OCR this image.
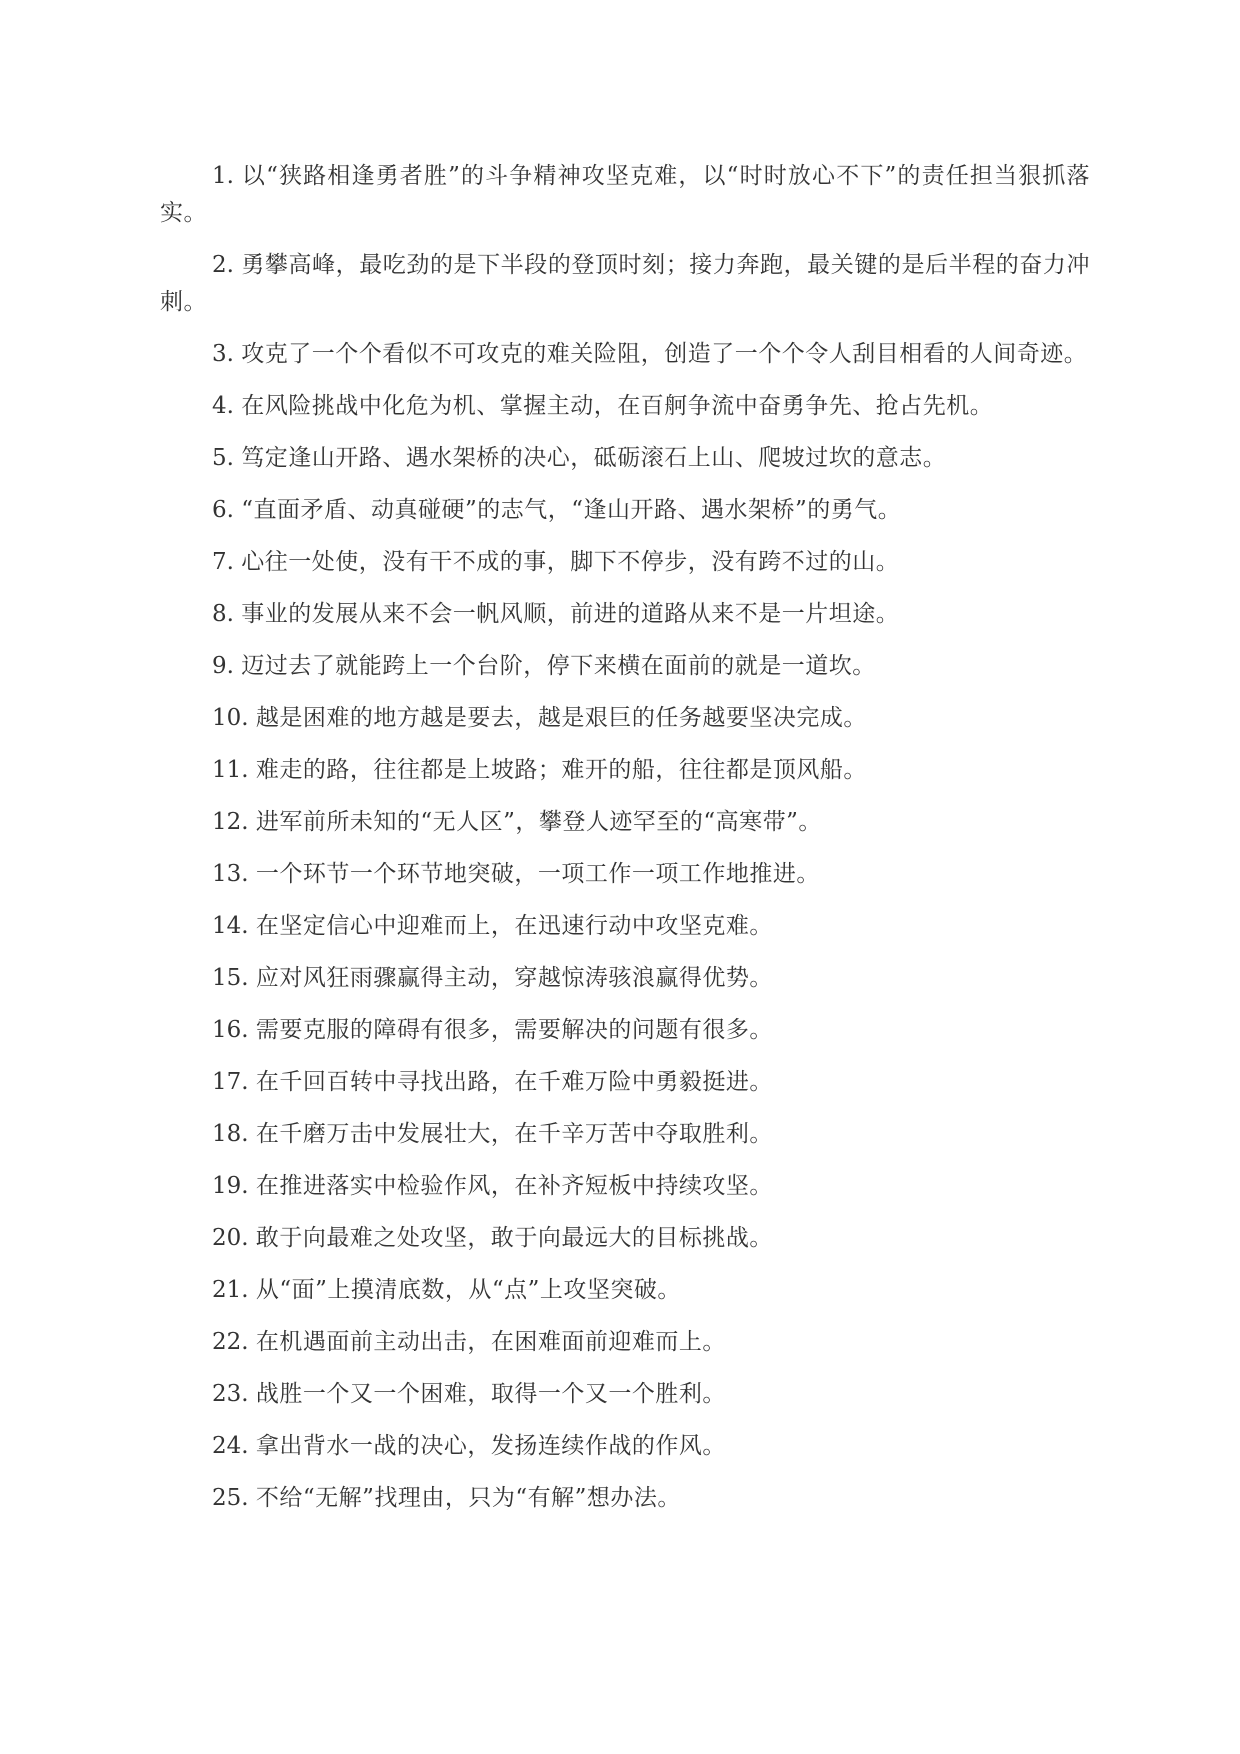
1. 以“狭路相逢勇者胜”的斗争精神攻坚克难，以“时时放心不下”的责任担当狠抓落实。

2. 勇攀高峰，最吃劲的是下半段的登顶时刻；接力奔跑，最关键的是后半程的奋力冲刺。

3. 攻克了一个个看似不可攻克的难关险阻，创造了一个个令人刮目相看的人间奇迹。

4. 在风险挑战中化危为机、掌握主动，在百舸争流中奋勇争先、抢占先机。

5. 笃定逢山开路、遇水架桥的决心，砥砺滚石上山、爬坡过坎的意志。

6. “直面矛盾、动真碰硬”的志气，“逢山开路、遇水架桥”的勇气。

7. 心往一处使，没有干不成的事，脚下不停步，没有跨不过的山。

8. 事业的发展从来不会一帆风顺，前进的道路从来不是一片坦途。

9. 迈过去了就能跨上一个台阶，停下来横在面前的就是一道坎。

10. 越是困难的地方越是要去，越是艰巨的任务越要坚决完成。

11. 难走的路，往往都是上坡路；难开的船，往往都是顶风船。

12. 进军前所未知的“无人区”，攀登人迹罕至的“高寒带”。

13. 一个环节一个环节地突破，一项工作一项工作地推进。

14. 在坚定信心中迎难而上，在迅速行动中攻坚克难。

15. 应对风狂雨骤赢得主动，穿越惊涛骇浪赢得优势。

16. 需要克服的障碍有很多，需要解决的问题有很多。

17. 在千回百转中寻找出路，在千难万险中勇毅挺进。

18. 在千磨万击中发展壮大，在千辛万苦中夺取胜利。

19. 在推进落实中检验作风，在补齐短板中持续攻坚。

20. 敢于向最难之处攻坚，敢于向最远大的目标挑战。

21. 从“面”上摸清底数，从“点”上攻坚突破。

22. 在机遇面前主动出击，在困难面前迎难而上。

23. 战胜一个又一个困难，取得一个又一个胜利。

24. 拿出背水一战的决心，发扬连续作战的作风。

25. 不给“无解”找理由，只为“有解”想办法。
